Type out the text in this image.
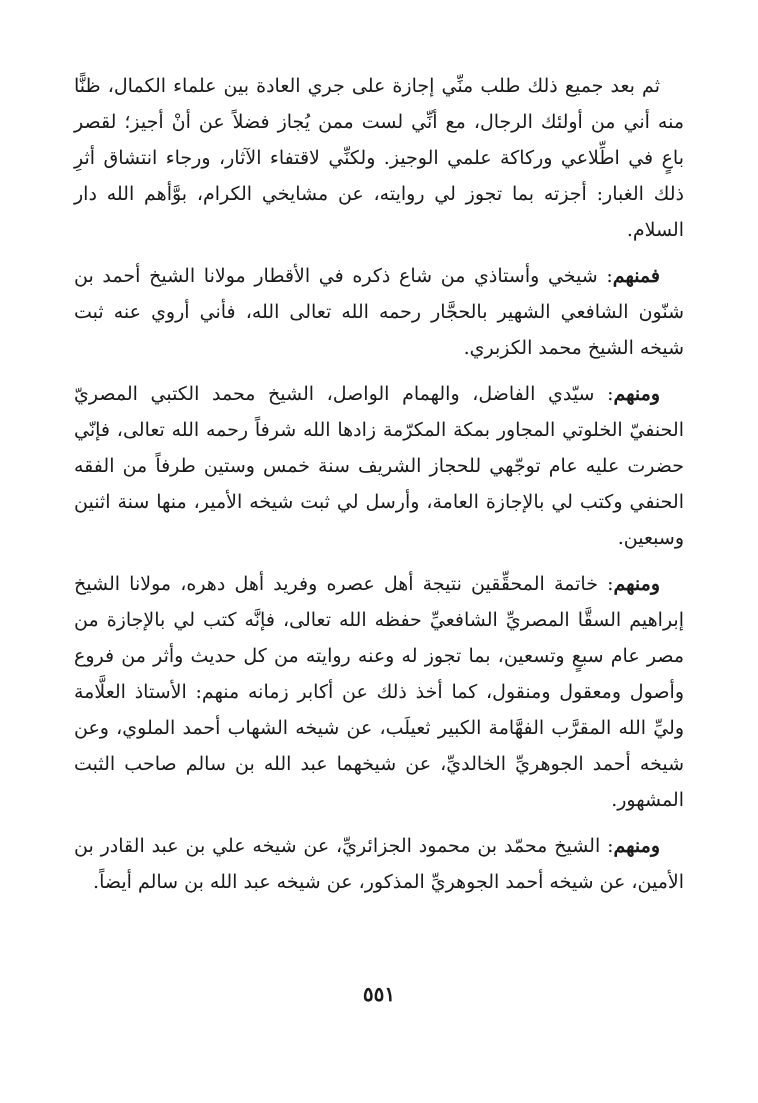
ثم بعد جميع ذلك طلب منِّي إجازة على جري العادة بين علماء الكمال، ظنًّا منه أني من أولئك الرجال، مع أنِّي لست ممن يُجاز فضلاً عن أنْ أجيز؛ لقصر باعٍ في اطِّلاعي وركاكة علمي الوجيز. ولكنِّي لاقتفاء الآثار، ورجاء انتشاق أثرِ ذلك الغبار: أجزته بما تجوز لي روايته، عن مشايخي الكرام، بوَّأهم الله دار السلام.

فمنهم: شيخي وأستاذي من شاع ذكره في الأقطار مولانا الشيخ أحمد بن شنّون الشافعي الشهير بالحجَّار رحمه الله تعالى الله، فأني أروي عنه ثبت شيخه الشيخ محمد الكزبري.

ومنهم: سيّدي الفاضل، والهمام الواصل، الشيخ محمد الكتبي المصريّ الحنفيّ الخلوتي المجاور بمكة المكرّمة زادها الله شرفاً رحمه الله تعالى، فإنّي حضرت عليه عام توجّهي للحجاز الشريف سنة خمس وستين طرفاً من الفقه الحنفي وكتب لي بالإجازة العامة، وأرسل لي ثبت شيخه الأمير، منها سنة اثنين وسبعين.

ومنهم: خاتمة المحقِّقين نتيجة أهل عصره وفريد أهل دهره، مولانا الشيخ إبراهيم السقَّا المصريِّ الشافعيِّ حفظه الله تعالى، فإنَّه كتب لي بالإجازة من مصر عام سبعٍ وتسعين، بما تجوز له وعنه روايته من كل حديث وأثر من فروع وأصول ومعقول ومنقول، كما أخذ ذلك عن أكابر زمانه منهم: الأستاذ العلَّامة وليِّ الله المقرَّب الفهَّامة الكبير ثعيلَب، عن شيخه الشهاب أحمد الملوي، وعن شيخه أحمد الجوهريِّ الخالديِّ، عن شيخهما عبد الله بن سالم صاحب الثبت المشهور.

ومنهم: الشيخ محمّد بن محمود الجزائريِّ، عن شيخه علي بن عبد القادر بن الأمين، عن شيخه أحمد الجوهريِّ المذكور، عن شيخه عبد الله بن سالم أيضاً.

٥٥١
